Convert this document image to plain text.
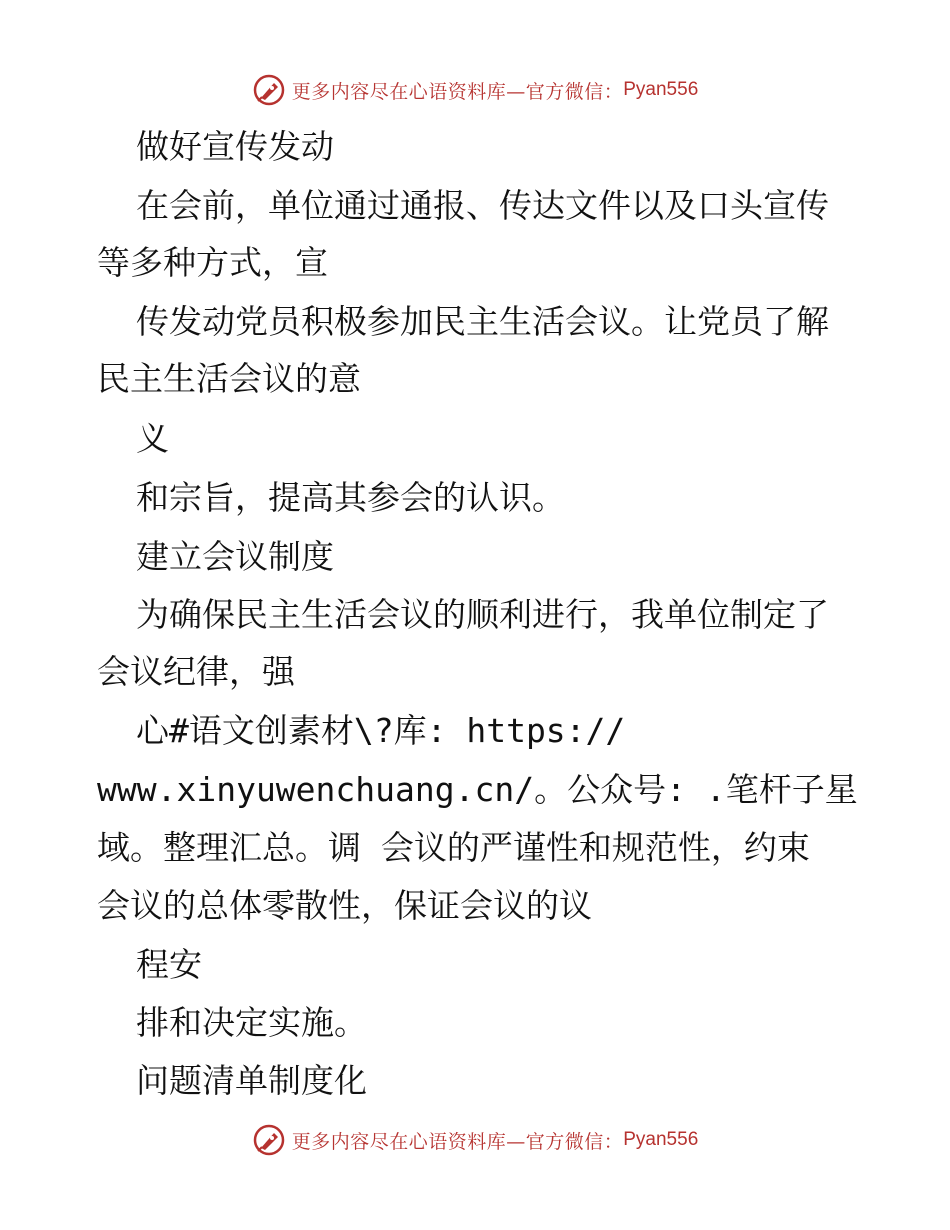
更多内容尽在心语资料库—官方微信： Pyan556
做好宣传发动
在会前，单位通过通报、传达文件以及口头宣传
等多种方式，宣
传发动党员积极参加民主生活会议。让党员了解
民主生活会议的意
义
和宗旨，提高其参会的认识。
建立会议制度
为确保民主生活会议的顺利进行，我单位制定了
会议纪律，强
心#语文创素材\?库: https://
www.xinyuwenchuang.cn/。公众号: .笔杆子星
域。整理汇总。调 会议的严谨性和规范性，约束
会议的总体零散性，保证会议的议
程安
排和决定实施。
问题清单制度化
更多内容尽在心语资料库—官方微信： Pyan556
